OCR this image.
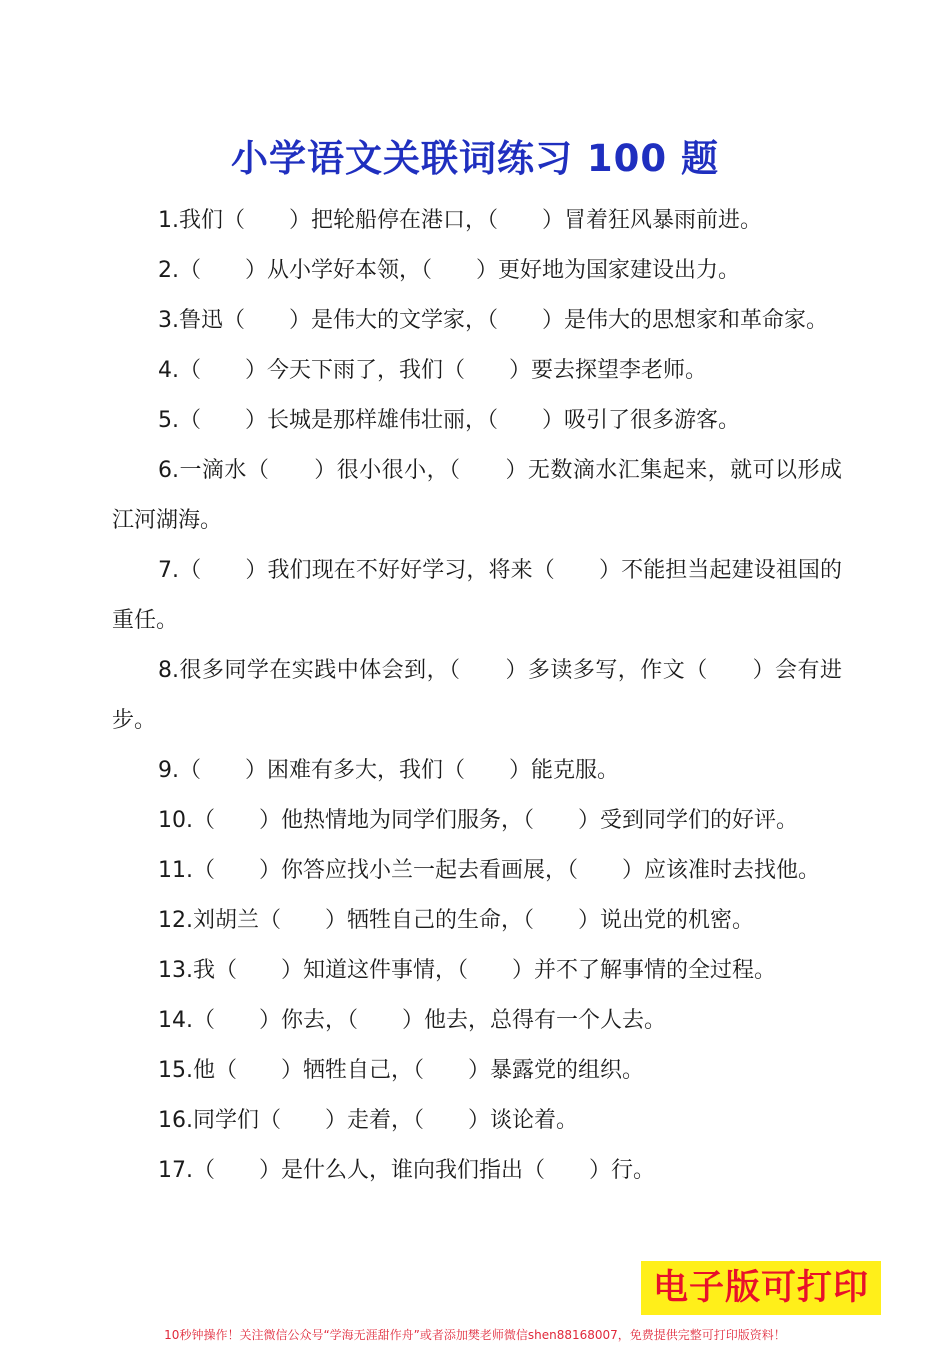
小学语文关联词练习 100 题

1.我们（　　）把轮船停在港口，（　　）冒着狂风暴雨前进。

2.（　　）从小学好本领，（　　）更好地为国家建设出力。

3.鲁迅（　　）是伟大的文学家，（　　）是伟大的思想家和革命家。

4.（　　）今天下雨了，我们（　　）要去探望李老师。

5.（　　）长城是那样雄伟壮丽，（　　）吸引了很多游客。

6.一滴水（　　）很小很小，（　　）无数滴水汇集起来，就可以形成江河湖海。

7.（　　）我们现在不好好学习，将来（　　）不能担当起建设祖国的重任。

8.很多同学在实践中体会到，（　　）多读多写，作文（　　）会有进步。

9.（　　）困难有多大，我们（　　）能克服。

10.（　　）他热情地为同学们服务，（　　）受到同学们的好评。

11.（　　）你答应找小兰一起去看画展，（　　）应该准时去找他。

12.刘胡兰（　　）牺牲自己的生命，（　　）说出党的机密。

13.我（　　）知道这件事情，（　　）并不了解事情的全过程。

14.（　　）你去，（　　）他去，总得有一个人去。

15.他（　　）牺牲自己，（　　）暴露党的组织。

16.同学们（　　）走着，（　　）谈论着。

17.（　　）是什么人，谁向我们指出（　　）行。

电子版可打印
10秒钟操作！关注微信公众号“学海无涯甜作舟”或者添加樊老师微信shen88168007，免费提供完整可打印版资料！
